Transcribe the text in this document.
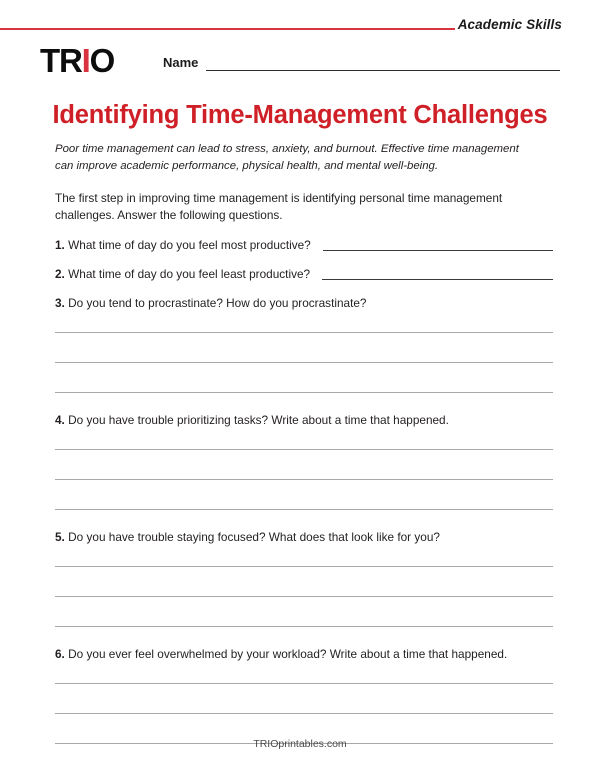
Academic Skills
TRIO	Name
Identifying Time-Management Challenges

Poor time management can lead to stress, anxiety, and burnout. Effective time management can improve academic performance, physical health, and mental well-being.

The first step in improving time management is identifying personal time management challenges. Answer the following questions.

1. What time of day do you feel most productive?
2. What time of day do you feel least productive?
3. Do you tend to procrastinate? How do you procrastinate?
4. Do you have trouble prioritizing tasks? Write about a time that happened.
5. Do you have trouble staying focused? What does that look like for you?
6. Do you ever feel overwhelmed by your workload? Write about a time that happened.
TRIOprintables.com
